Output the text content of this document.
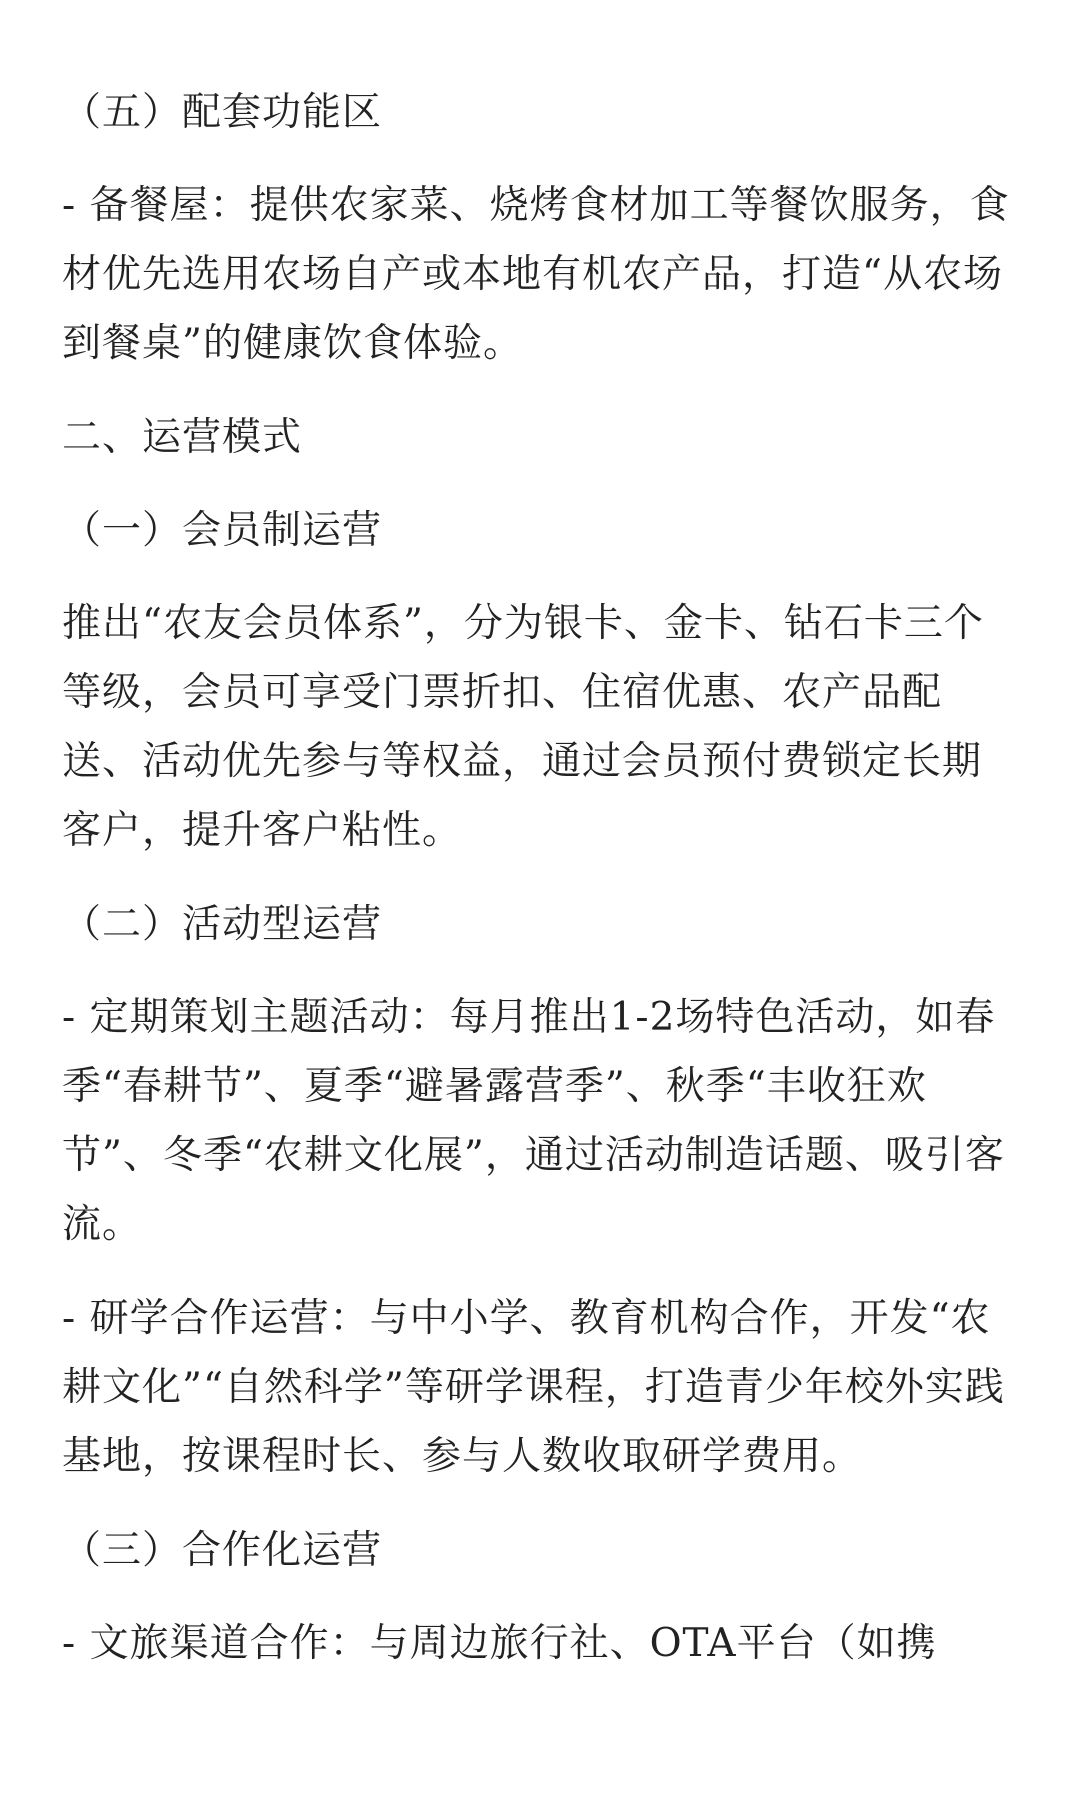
（五）配套功能区

- 备餐屋：提供农家菜、烧烤食材加工等餐饮服务，食材优先选用农场自产或本地有机农产品，打造“从农场到餐桌”的健康饮食体验。

二、运营模式

（一）会员制运营

推出“农友会员体系”，分为银卡、金卡、钻石卡三个等级，会员可享受门票折扣、住宿优惠、农产品配送、活动优先参与等权益，通过会员预付费锁定长期客户，提升客户粘性。

（二）活动型运营

- 定期策划主题活动：每月推出1-2场特色活动，如春季“春耕节”、夏季“避暑露营季”、秋季“丰收狂欢节”、冬季“农耕文化展”，通过活动制造话题、吸引客流。

- 研学合作运营：与中小学、教育机构合作，开发“农耕文化”“自然科学”等研学课程，打造青少年校外实践基地，按课程时长、参与人数收取研学费用。

（三）合作化运营

- 文旅渠道合作：与周边旅行社、OTA平台（如携
